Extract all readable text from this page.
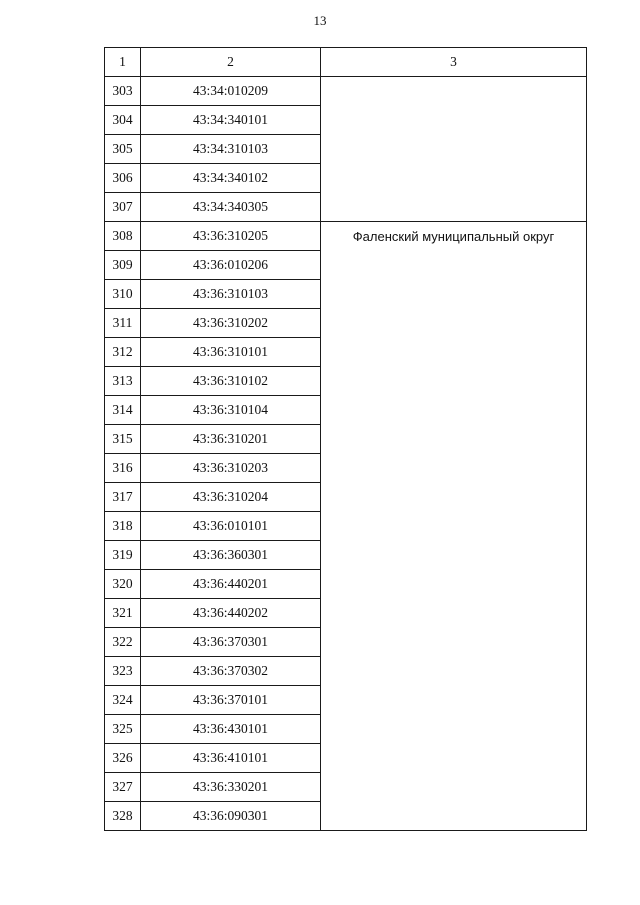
13
1	2	3
303	43:34:010209	
304	43:34:340101	
305	43:34:310103	
306	43:34:340102	
307	43:34:340305	
308	43:36:310205	Фаленский муниципальный округ
309	43:36:010206	
310	43:36:310103	
311	43:36:310202	
312	43:36:310101	
313	43:36:310102	
314	43:36:310104	
315	43:36:310201	
316	43:36:310203	
317	43:36:310204	
318	43:36:010101	
319	43:36:360301	
320	43:36:440201	
321	43:36:440202	
322	43:36:370301	
323	43:36:370302	
324	43:36:370101	
325	43:36:430101	
326	43:36:410101	
327	43:36:330201	
328	43:36:090301	
